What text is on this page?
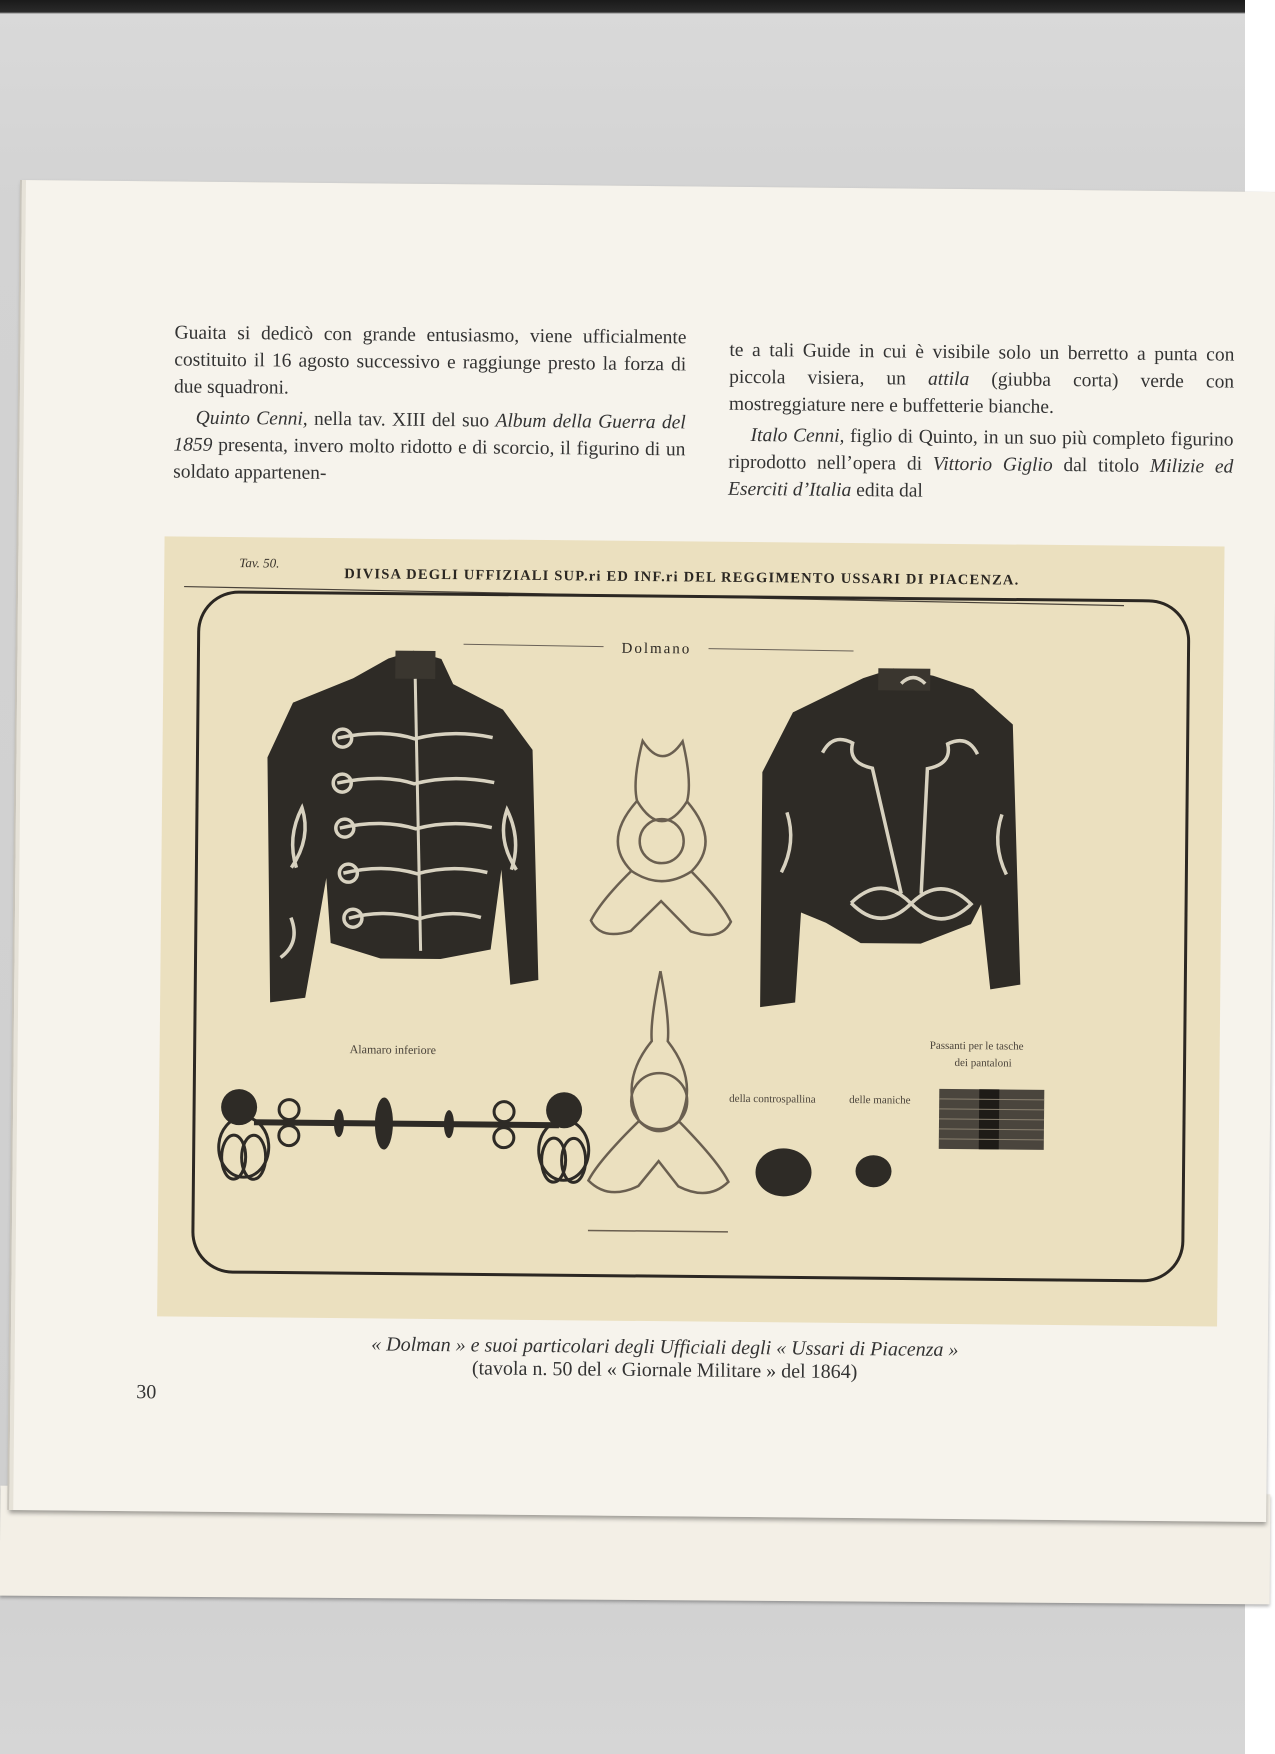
Guaita si dedicò con grande entusiasmo, viene ufficialmente costituito il 16 agosto successivo e raggiunge presto la forza di due squadroni.

Quinto Cenni, nella tav. XIII del suo Album della Guerra del 1859 presenta, invero molto ridotto e di scorcio, il figurino di un soldato appartenen-

te a tali Guide in cui è visibile solo un berretto a punta con piccola visiera, un attila (giubba corta) verde con mostreggiature nere e buffetterie bianche.

Italo Cenni, figlio di Quinto, in un suo più completo figurino riprodotto nell’opera di Vittorio Giglio dal titolo Milizie ed Eserciti d’Italia edita dal

Tav. 50.
DIVISA DEGLI UFFIZIALI SUP.ri ED INF.ri DEL REGGIMENTO USSARI DI PIACENZA.
Dolmano
Alamaro inferiore
della controspallina	delle maniche
Passanti per le tasche
dei pantaloni
« Dolman » e suoi particolari degli Ufficiali degli « Ussari di Piacenza »
(tavola n. 50 del « Giornale Militare » del 1864)
30
